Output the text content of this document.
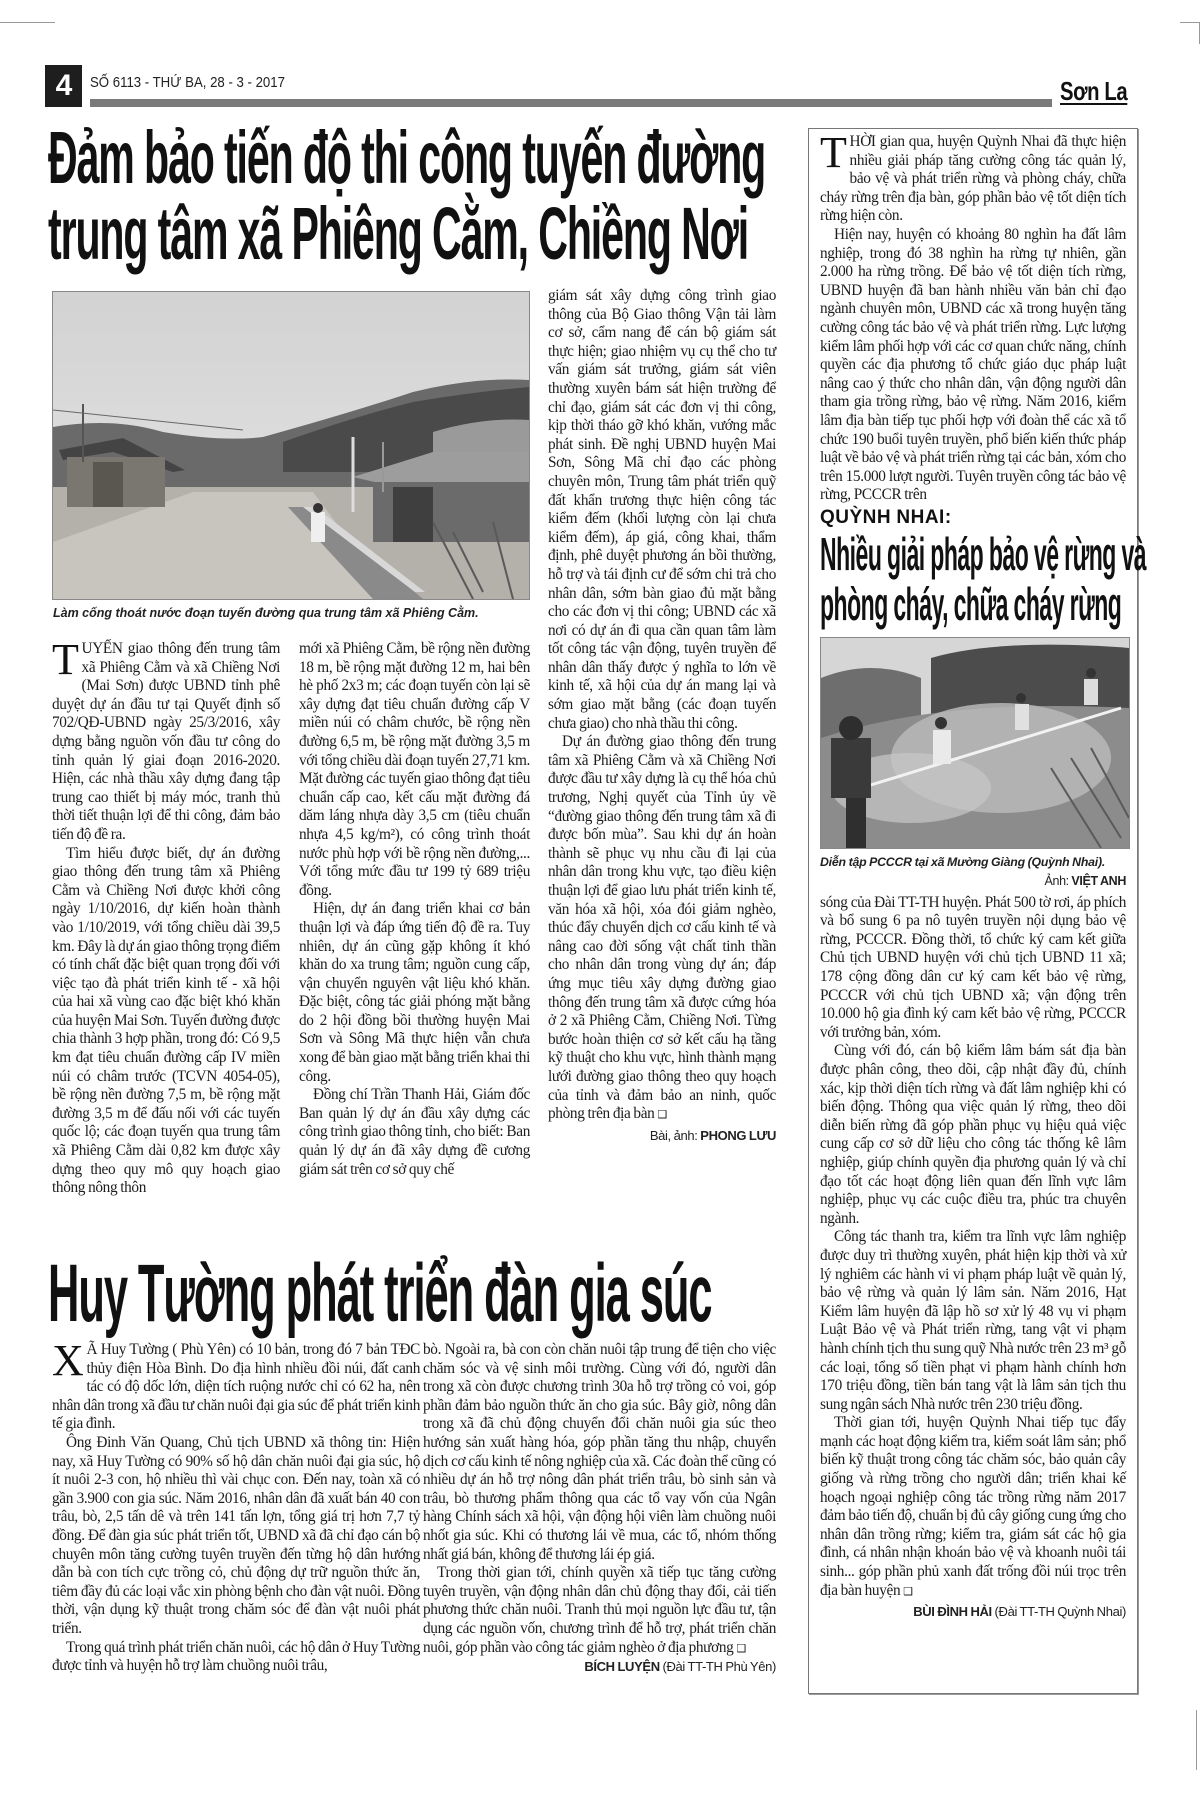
4	SỐ 6113 - THỨ BA, 28 - 3 - 2017	Sơn La
Đảm bảo tiến độ thi công tuyến đường
trung tâm xã Phiêng Cằm, Chiềng Nơi
Làm cống thoát nước đoạn tuyến đường qua trung tâm xã Phiêng Cằm.

TUYẾN giao thông đến trung tâm xã Phiêng Cằm và xã Chiềng Nơi (Mai Sơn) được UBND tỉnh phê duyệt dự án đầu tư tại Quyết định số 702/QĐ-UBND ngày 25/3/2016, xây dựng bằng nguồn vốn đầu tư công do tỉnh quản lý giai đoạn 2016-2020. Hiện, các nhà thầu xây dựng đang tập trung cao thiết bị máy móc, tranh thủ thời tiết thuận lợi để thi công, đảm bảo tiến độ đề ra.

Tìm hiểu được biết, dự án đường giao thông đến trung tâm xã Phiêng Cằm và Chiềng Nơi được khởi công ngày 1/10/2016, dự kiến hoàn thành vào 1/10/2019, với tổng chiều dài 39,5 km. Đây là dự án giao thông trọng điểm có tính chất đặc biệt quan trọng đối với việc tạo đà phát triển kinh tế - xã hội của hai xã vùng cao đặc biệt khó khăn của huyện Mai Sơn. Tuyến đường được chia thành 3 hợp phần, trong đó: Có 9,5 km đạt tiêu chuẩn đường cấp IV miền núi có châm trước (TCVN 4054-05), bề rộng nền đường 7,5 m, bề rộng mặt đường 3,5 m để đấu nối với các tuyến quốc lộ; các đoạn tuyến qua trung tâm xã Phiêng Cằm dài 0,82 km được xây dựng theo quy mô quy hoạch giao thông nông thôn

mới xã Phiêng Cằm, bề rộng nền đường 18 m, bề rộng mặt đường 12 m, hai bên hè phố 2x3 m; các đoạn tuyến còn lại sẽ xây dựng đạt tiêu chuẩn đường cấp V miền núi có châm chước, bề rộng nền đường 6,5 m, bề rộng mặt đường 3,5 m với tổng chiều dài đoạn tuyến 27,71 km. Mặt đường các tuyến giao thông đạt tiêu chuẩn cấp cao, kết cấu mặt đường đá dăm láng nhựa dày 3,5 cm (tiêu chuẩn nhựa 4,5 kg/m²), có công trình thoát nước phù hợp với bề rộng nền đường,... Với tổng mức đầu tư 199 tỷ 689 triệu đồng.

Hiện, dự án đang triển khai cơ bản thuận lợi và đáp ứng tiến độ đề ra. Tuy nhiên, dự án cũng gặp không ít khó khăn do xa trung tâm; nguồn cung cấp, vận chuyển nguyên vật liệu khó khăn. Đặc biệt, công tác giải phóng mặt bằng do 2 hội đồng bồi thường huyện Mai Sơn và Sông Mã thực hiện vẫn chưa xong để bàn giao mặt bằng triển khai thi công.

Đồng chí Trần Thanh Hải, Giám đốc Ban quản lý dự án đầu xây dựng các công trình giao thông tỉnh, cho biết: Ban quản lý dự án đã xây dựng đề cương giám sát trên cơ sở quy chế

giám sát xây dựng công trình giao thông của Bộ Giao thông Vận tải làm cơ sở, cẩm nang để cán bộ giám sát thực hiện; giao nhiệm vụ cụ thể cho tư vấn giám sát trưởng, giám sát viên thường xuyên bám sát hiện trường để chỉ đạo, giám sát các đơn vị thi công, kịp thời tháo gỡ khó khăn, vướng mắc phát sinh. Đề nghị UBND huyện Mai Sơn, Sông Mã chỉ đạo các phòng chuyên môn, Trung tâm phát triển quỹ đất khẩn trương thực hiện công tác kiểm đếm (khối lượng còn lại chưa kiểm đếm), áp giá, công khai, thẩm định, phê duyệt phương án bồi thường, hỗ trợ và tái định cư để sớm chi trả cho nhân dân, sớm bàn giao đủ mặt bằng cho các đơn vị thi công; UBND các xã nơi có dự án đi qua cần quan tâm làm tốt công tác vận động, tuyên truyền để nhân dân thấy được ý nghĩa to lớn về kinh tế, xã hội của dự án mang lại và sớm giao mặt bằng (các đoạn tuyến chưa giao) cho nhà thầu thi công.

Dự án đường giao thông đến trung tâm xã Phiêng Cằm và xã Chiềng Nơi được đầu tư xây dựng là cụ thể hóa chủ trương, Nghị quyết của Tỉnh ủy về “đường giao thông đến trung tâm xã đi được bốn mùa”. Sau khi dự án hoàn thành sẽ phục vụ nhu cầu đi lại của nhân dân trong khu vực, tạo điều kiện thuận lợi để giao lưu phát triển kinh tế, văn hóa xã hội, xóa đói giảm nghèo, thúc đẩy chuyển dịch cơ cấu kinh tế và nâng cao đời sống vật chất tinh thần cho nhân dân trong vùng dự án; đáp ứng mục tiêu xây dựng đường giao thông đến trung tâm xã được cứng hóa ở 2 xã Phiêng Cằm, Chiềng Nơi. Từng bước hoàn thiện cơ sở kết cấu hạ tầng kỹ thuật cho khu vực, hình thành mạng lưới đường giao thông theo quy hoạch của tỉnh và đảm bảo an ninh, quốc phòng trên địa bàn ❑

Bài, ảnh: PHONG LƯU

THỜI gian qua, huyện Quỳnh Nhai đã thực hiện nhiều giải pháp tăng cường công tác quản lý, bảo vệ và phát triển rừng và phòng cháy, chữa cháy rừng trên địa bàn, góp phần bảo vệ tốt diện tích rừng hiện còn.

Hiện nay, huyện có khoảng 80 nghìn ha đất lâm nghiệp, trong đó 38 nghìn ha rừng tự nhiên, gần 2.000 ha rừng trồng. Để bảo vệ tốt diện tích rừng, UBND huyện đã ban hành nhiều văn bản chỉ đạo ngành chuyên môn, UBND các xã trong huyện tăng cường công tác bảo vệ và phát triển rừng. Lực lượng kiểm lâm phối hợp với các cơ quan chức năng, chính quyền các địa phương tổ chức giáo dục pháp luật nâng cao ý thức cho nhân dân, vận động người dân tham gia trồng rừng, bảo vệ rừng. Năm 2016, kiểm lâm địa bàn tiếp tục phối hợp với đoàn thể các xã tổ chức 190 buổi tuyên truyền, phổ biến kiến thức pháp luật về bảo vệ và phát triển rừng tại các bản, xóm cho trên 15.000 lượt người. Tuyên truyền công tác bảo vệ rừng, PCCCR trên

QUỲNH NHAI:
Nhiều giải pháp bảo vệ rừng và
phòng cháy, chữa cháy rừng
Diễn tập PCCCR tại xã Mường Giàng (Quỳnh Nhai).
Ảnh: VIỆT ANH

sóng của Đài TT-TH huyện. Phát 500 tờ rơi, áp phích và bổ sung 6 pa nô tuyên truyền nội dụng bảo vệ rừng, PCCCR. Đồng thời, tổ chức ký cam kết giữa Chủ tịch UBND huyện với chủ tịch UBND 11 xã; 178 cộng đồng dân cư ký cam kết bảo vệ rừng, PCCCR với chủ tịch UBND xã; vận động trên 10.000 hộ gia đình ký cam kết bảo vệ rừng, PCCCR với trưởng bản, xóm.

Cùng với đó, cán bộ kiểm lâm bám sát địa bàn được phân công, theo dõi, cập nhật đầy đủ, chính xác, kịp thời diện tích rừng và đất lâm nghiệp khi có biến động. Thông qua việc quản lý rừng, theo dõi diễn biến rừng đã góp phần phục vụ hiệu quả việc cung cấp cơ sở dữ liệu cho công tác thống kê lâm nghiệp, giúp chính quyền địa phương quản lý và chỉ đạo tốt các hoạt động liên quan đến lĩnh vực lâm nghiệp, phục vụ các cuộc điều tra, phúc tra chuyên ngành.

Công tác thanh tra, kiểm tra lĩnh vực lâm nghiệp được duy trì thường xuyên, phát hiện kịp thời và xử lý nghiêm các hành vi vi phạm pháp luật về quản lý, bảo vệ rừng và quản lý lâm sản. Năm 2016, Hạt Kiểm lâm huyện đã lập hồ sơ xử lý 48 vụ vi phạm Luật Bảo vệ và Phát triển rừng, tang vật vi phạm hành chính tịch thu sung quỹ Nhà nước trên 23 m³ gỗ các loại, tổng số tiền phạt vi phạm hành chính hơn 170 triệu đồng, tiền bán tang vật là lâm sản tịch thu sung ngân sách Nhà nước trên 230 triệu đồng.

Thời gian tới, huyện Quỳnh Nhai tiếp tục đẩy mạnh các hoạt động kiểm tra, kiểm soát lâm sản; phổ biến kỹ thuật trong công tác chăm sóc, bảo quản cây giống và rừng trồng cho người dân; triển khai kế hoạch ngoại nghiệp công tác trồng rừng năm 2017 đảm bảo tiến độ, chuẩn bị đủ cây giống cung ứng cho nhân dân trồng rừng; kiểm tra, giám sát các hộ gia đình, cá nhân nhận khoán bảo vệ và khoanh nuôi tái sinh... góp phần phủ xanh đất trống đồi núi trọc trên địa bàn huyện ❑

BÙI ĐÌNH HẢI (Đài TT-TH Quỳnh Nhai)
Huy Tường phát triển đàn gia súc

X Ã Huy Tường ( Phù Yên) có 10 bản, trong đó 7 bản TĐC thủy điện Hòa Bình. Do địa hình nhiều đồi núi, đất canh tác có độ dốc lớn, diện tích ruộng nước chỉ có 62 ha, nên nhân dân trong xã đầu tư chăn nuôi đại gia súc để phát triển kinh tế gia đình.

Ông Đinh Văn Quang, Chủ tịch UBND xã thông tin: Hiện nay, xã Huy Tường có 90% số hộ dân chăn nuôi đại gia súc, hộ ít nuôi 2-3 con, hộ nhiều thì vài chục con. Đến nay, toàn xã có gần 3.900 con gia súc. Năm 2016, nhân dân đã xuất bán 40 con trâu, bò, 2,5 tấn dê và trên 141 tấn lợn, tổng giá trị hơn 7,7 tỷ đồng. Để đàn gia súc phát triển tốt, UBND xã đã chỉ đạo cán bộ chuyên môn tăng cường tuyên truyền đến từng hộ dân hướng dẫn bà con tích cực trồng cỏ, chủ động dự trữ nguồn thức ăn, tiêm đầy đủ các loại vắc xin phòng bệnh cho đàn vật nuôi. Đồng thời, vận dụng kỹ thuật trong chăm sóc để đàn vật nuôi phát triển.

Trong quá trình phát triển chăn nuôi, các hộ dân ở Huy Tường được tỉnh và huyện hỗ trợ làm chuồng nuôi trâu,

bò. Ngoài ra, bà con còn chăn nuôi tập trung để tiện cho việc chăm sóc và vệ sinh môi trường. Cùng với đó, người dân trong xã còn được chương trình 30a hỗ trợ trồng cỏ voi, góp phần đảm bảo nguồn thức ăn cho gia súc. Bây giờ, nông dân trong xã đã chủ động chuyển đổi chăn nuôi gia súc theo hướng sản xuất hàng hóa, góp phần tăng thu nhập, chuyển dịch cơ cấu kinh tế nông nghiệp của xã. Các đoàn thể cũng có nhiều dự án hỗ trợ nông dân phát triển trâu, bò sinh sản và trâu, bò thương phẩm thông qua các tổ vay vốn của Ngân hàng Chính sách xã hội, vận động hội viên làm chuồng nuôi nhốt gia súc. Khi có thương lái về mua, các tổ, nhóm thống nhất giá bán, không để thương lái ép giá.

Trong thời gian tới, chính quyền xã tiếp tục tăng cường tuyên truyền, vận động nhân dân chủ động thay đổi, cải tiến phương thức chăn nuôi. Tranh thủ mọi nguồn lực đầu tư, tận dụng các nguồn vốn, chương trình để hỗ trợ, phát triển chăn nuôi, góp phần vào công tác giảm nghèo ở địa phương ❑
BÍCH LUYỆN (Đài TT-TH Phù Yên)
